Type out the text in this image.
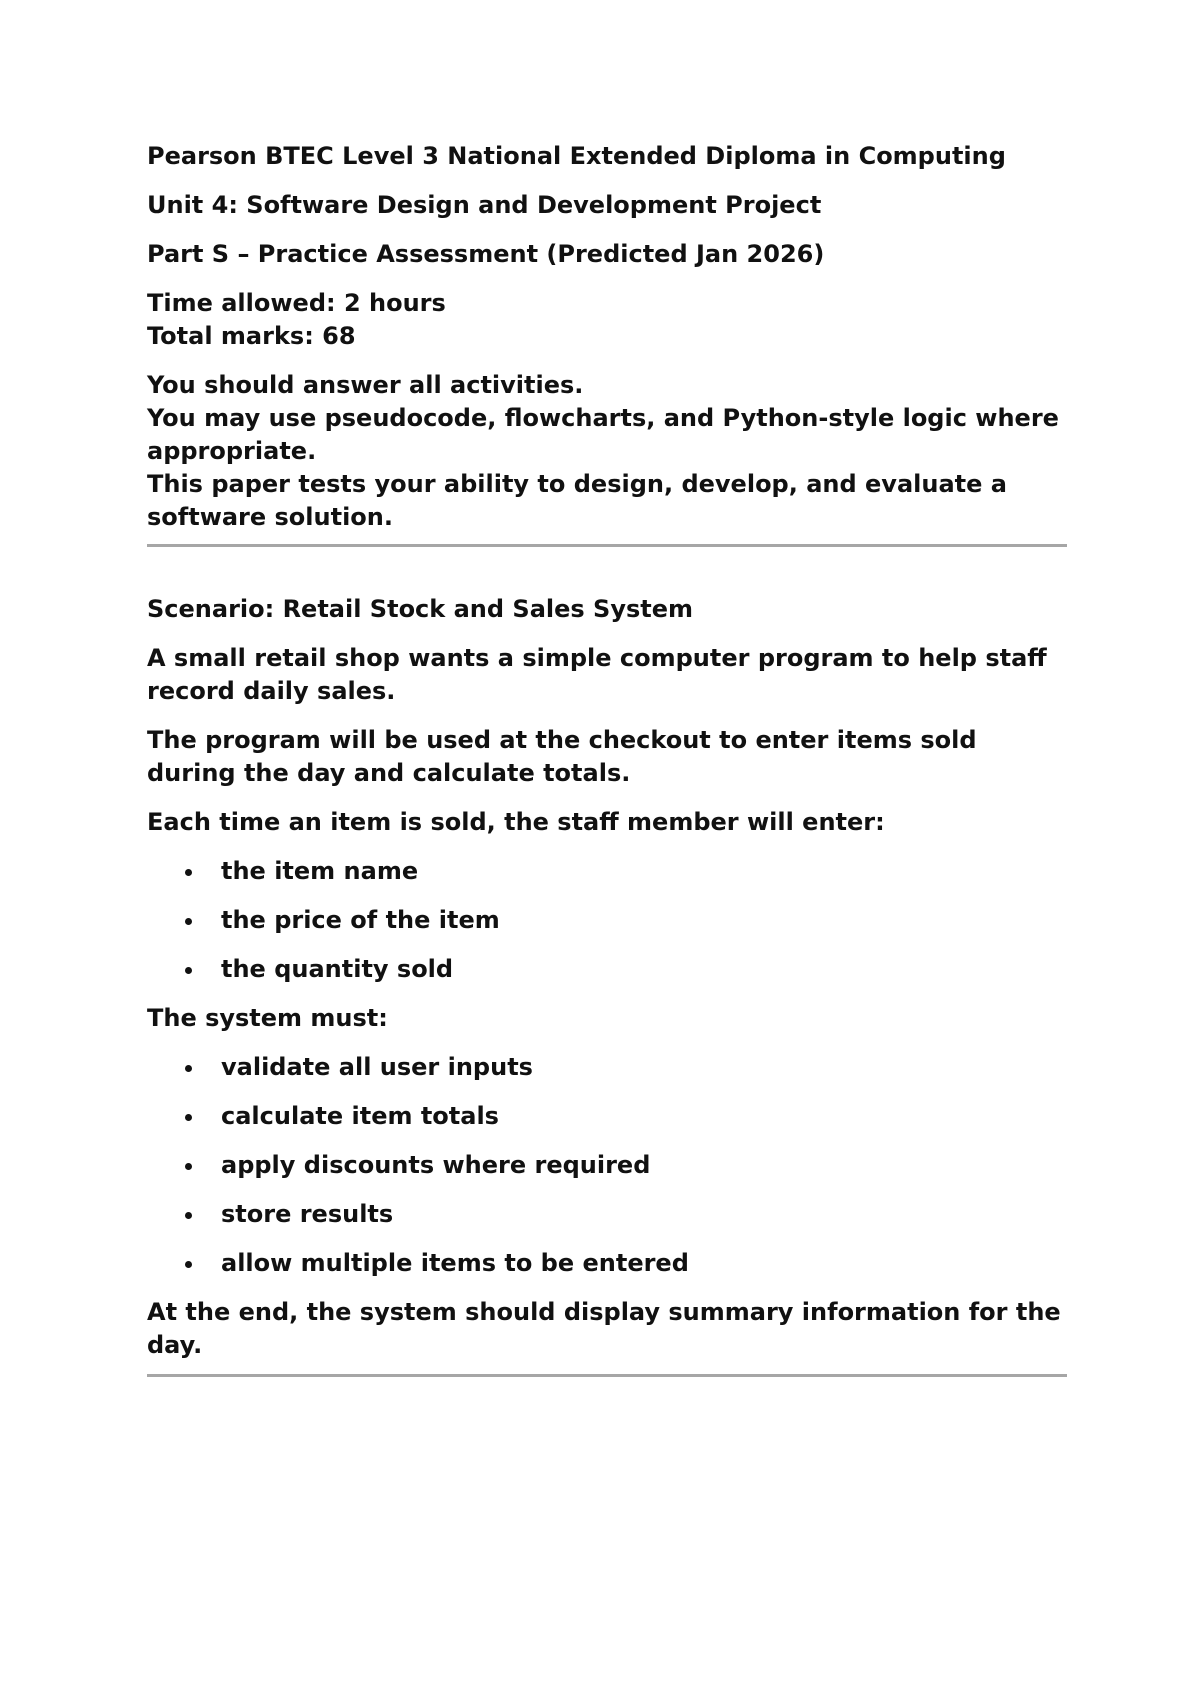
Pearson BTEC Level 3 National Extended Diploma in Computing

Unit 4: Software Design and Development Project

Part S – Practice Assessment (Predicted Jan 2026)

Time allowed: 2 hours
Total marks: 68
You should answer all activities.
You may use pseudocode, flowcharts, and Python-style logic where appropriate.
This paper tests your ability to design, develop, and evaluate a software solution.

Scenario: Retail Stock and Sales System

A small retail shop wants a simple computer program to help staff record daily sales.

The program will be used at the checkout to enter items sold during the day and calculate totals.

Each time an item is sold, the staff member will enter:

the item name
the price of the item
the quantity sold

The system must:

validate all user inputs
calculate item totals
apply discounts where required
store results
allow multiple items to be entered

At the end, the system should display summary information for the day.
